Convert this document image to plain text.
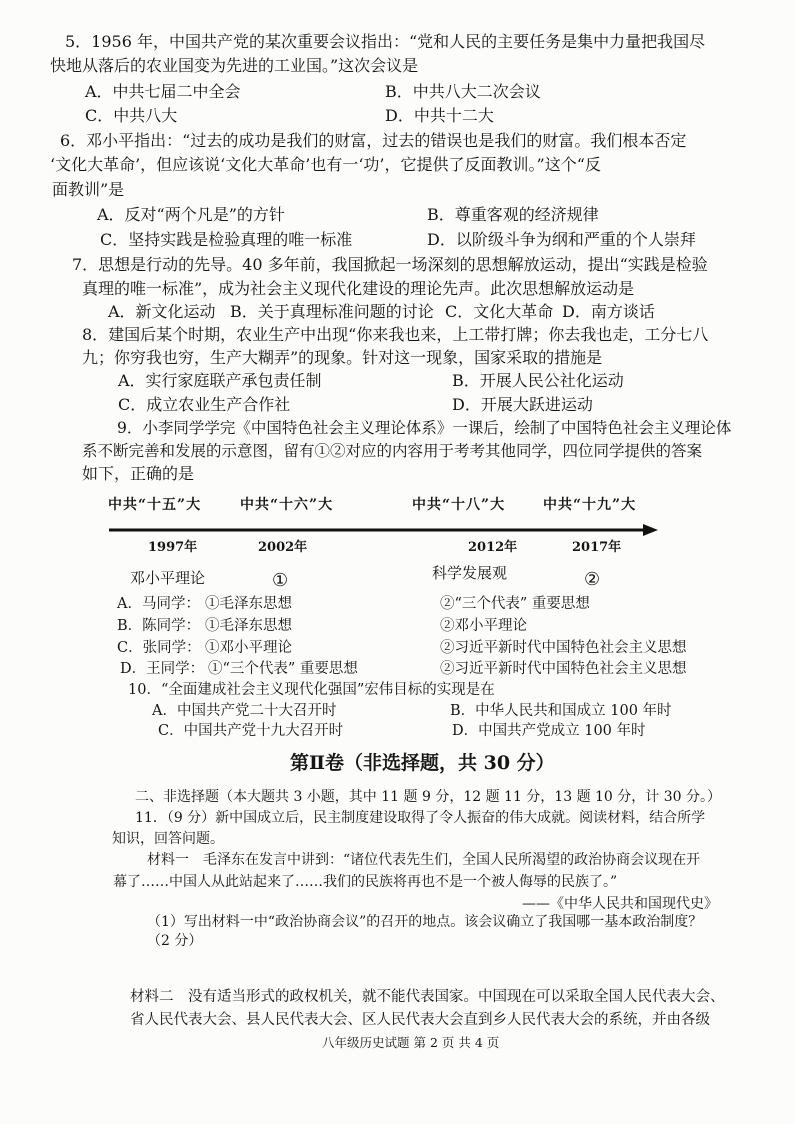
5．1956 年，中国共产党的某次重要会议指出：“党和人民的主要任务是集中力量把我国尽
快地从落后的农业国变为先进的工业国。”这次会议是
A．中共七届二中全会	B．中共八大二次会议
C．中共八大	D．中共十二大
6．邓小平指出：“过去的成功是我们的财富，过去的错误也是我们的财富。我们根本否定
‘文化大革命’，但应该说‘文化大革命’也有一‘功’，它提供了反面教训。”这个“反
面教训”是
A．反对“两个凡是”的方针	B．尊重客观的经济规律
C．坚持实践是检验真理的唯一标准	D．以阶级斗争为纲和严重的个人崇拜
7．思想是行动的先导。40 多年前，我国掀起一场深刻的思想解放运动，提出“实践是检验
真理的唯一标准”，成为社会主义现代化建设的理论先声。此次思想解放运动是
A．新文化运动 B．关于真理标准问题的讨论 C．文化大革命 D．南方谈话
8．建国后某个时期，农业生产中出现“你来我也来，上工带打牌；你去我也走，工分七八
九；你穷我也穷，生产大糊弄”的现象。针对这一现象，国家采取的措施是
A．实行家庭联产承包责任制	B．开展人民公社化运动
C．成立农业生产合作社	D．开展大跃进运动
9．小李同学学完《中国特色社会主义理论体系》一课后，绘制了中国特色社会主义理论体
系不断完善和发展的示意图，留有①②对应的内容用于考考其他同学，四位同学提供的答案
如下，正确的是
中共“十五”大	中共“十六”大	中共“十八”大	中共“十九”大
1997年	2002年	2012年	2017年
邓小平理论	①	科学发展观	②
A．马同学： ①毛泽东思想	②“三个代表” 重要思想
B．陈同学： ①毛泽东思想	②邓小平理论
C．张同学： ①邓小平理论	②习近平新时代中国特色社会主义思想
D．王同学： ①“三个代表” 重要思想	②习近平新时代中国特色社会主义思想
10．“全面建成社会主义现代化强国”宏伟目标的实现是在
A．中国共产党二十大召开时	B．中华人民共和国成立 100 年时
C．中国共产党十九大召开时	D．中国共产党成立 100 年时
第Ⅱ卷（非选择题，共 30 分）
二、非选择题（本大题共 3 小题，其中 11 题 9 分，12 题 11 分，13 题 10 分，计 30 分。）
11．（9 分）新中国成立后，民主制度建设取得了令人振奋的伟大成就。阅读材料，结合所学
知识，回答问题。
材料一　毛泽东在发言中讲到：“诸位代表先生们，全国人民所渴望的政治协商会议现在开
幕了……中国人从此站起来了……我们的民族将再也不是一个被人侮辱的民族了。”
——《中华人民共和国现代史》
（1）写出材料一中“政治协商会议”的召开的地点。该会议确立了我国哪一基本政治制度？
（2 分）
材料二　没有适当形式的政权机关，就不能代表国家。中国现在可以采取全国人民代表大会、
省人民代表大会、县人民代表大会、区人民代表大会直到乡人民代表大会的系统，并由各级
八年级历史试题 第 2 页 共 4 页
